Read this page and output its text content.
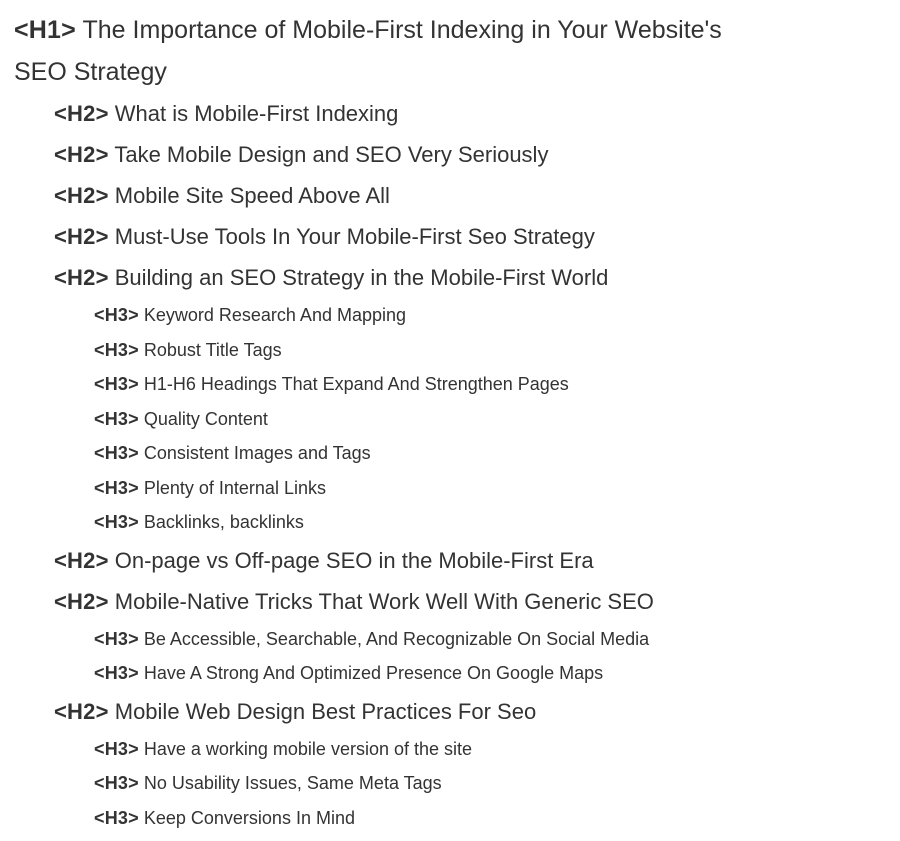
<H1> The Importance of Mobile-First Indexing in Your Website's SEO Strategy
<H2> What is Mobile-First Indexing
<H2> Take Mobile Design and SEO Very Seriously
<H2> Mobile Site Speed Above All
<H2> Must-Use Tools In Your Mobile-First Seo Strategy
<H2> Building an SEO Strategy in the Mobile-First World
<H3> Keyword Research And Mapping
<H3> Robust Title Tags
<H3> H1-H6 Headings That Expand And Strengthen Pages
<H3> Quality Content
<H3> Consistent Images and Tags
<H3> Plenty of Internal Links
<H3> Backlinks, backlinks
<H2> On-page vs Off-page SEO in the Mobile-First Era
<H2> Mobile-Native Tricks That Work Well With Generic SEO
<H3> Be Accessible, Searchable, And Recognizable On Social Media
<H3> Have A Strong And Optimized Presence On Google Maps
<H2> Mobile Web Design Best Practices For Seo
<H3> Have a working mobile version of the site
<H3> No Usability Issues, Same Meta Tags
<H3> Keep Conversions In Mind
